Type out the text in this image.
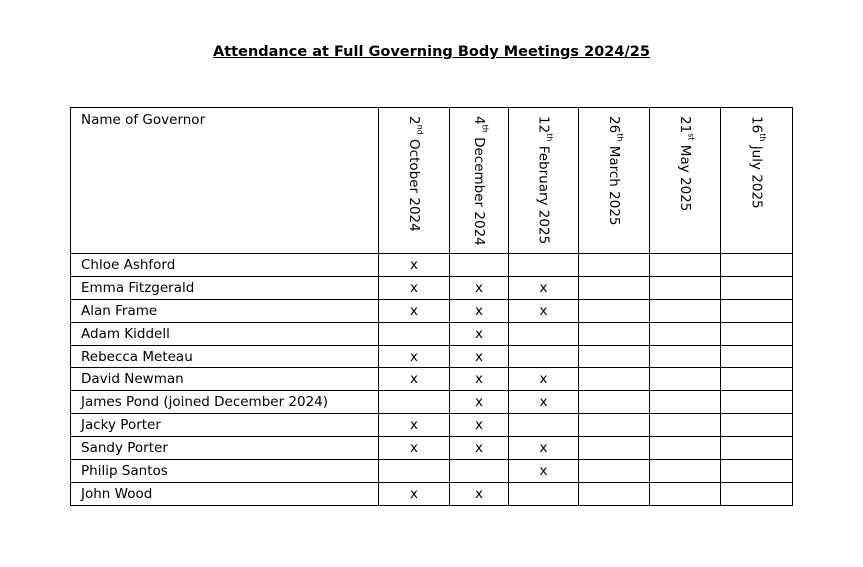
Attendance at Full Governing Body Meetings 2024/25
Name of Governor	2nd October 2024	4th December 2024	12th February 2025	26th March 2025	21st May 2025	16th July 2025

Chloe Ashford	x					
Emma Fitzgerald	x	x	x			
Alan Frame	x	x	x			
Adam Kiddell		x				
Rebecca Meteau	x	x				
David Newman	x	x	x			
James Pond (joined December 2024)		x	x			
Jacky Porter	x	x				
Sandy Porter	x	x	x			
Philip Santos			x			
John Wood	x	x				
